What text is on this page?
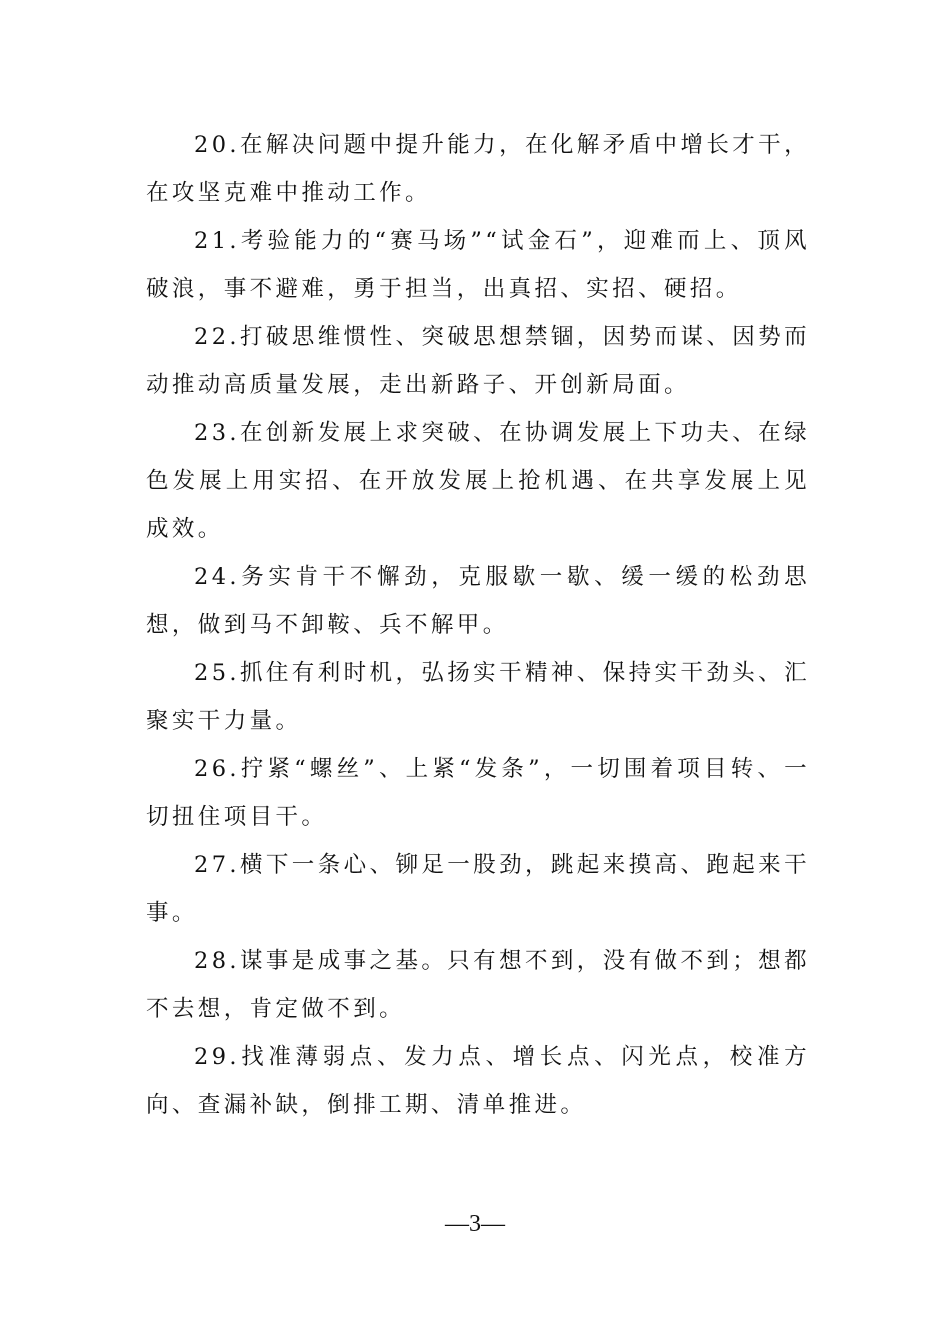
20.在解决问题中提升能力，在化解矛盾中增长才干，在攻坚克难中推动工作。

21.考验能力的“赛马场”“试金石”，迎难而上、顶风破浪，事不避难，勇于担当，出真招、实招、硬招。

22.打破思维惯性、突破思想禁锢，因势而谋、因势而动推动高质量发展，走出新路子、开创新局面。

23.在创新发展上求突破、在协调发展上下功夫、在绿色发展上用实招、在开放发展上抢机遇、在共享发展上见成效。

24.务实肯干不懈劲，克服歇一歇、缓一缓的松劲思想，做到马不卸鞍、兵不解甲。

25.抓住有利时机，弘扬实干精神、保持实干劲头、汇聚实干力量。

26.拧紧“螺丝”、上紧“发条”，一切围着项目转、一切扭住项目干。

27.横下一条心、铆足一股劲，跳起来摸高、跑起来干事。

28.谋事是成事之基。只有想不到，没有做不到；想都不去想，肯定做不到。

29.找准薄弱点、发力点、增长点、闪光点，校准方向、查漏补缺，倒排工期、清单推进。

—3—
